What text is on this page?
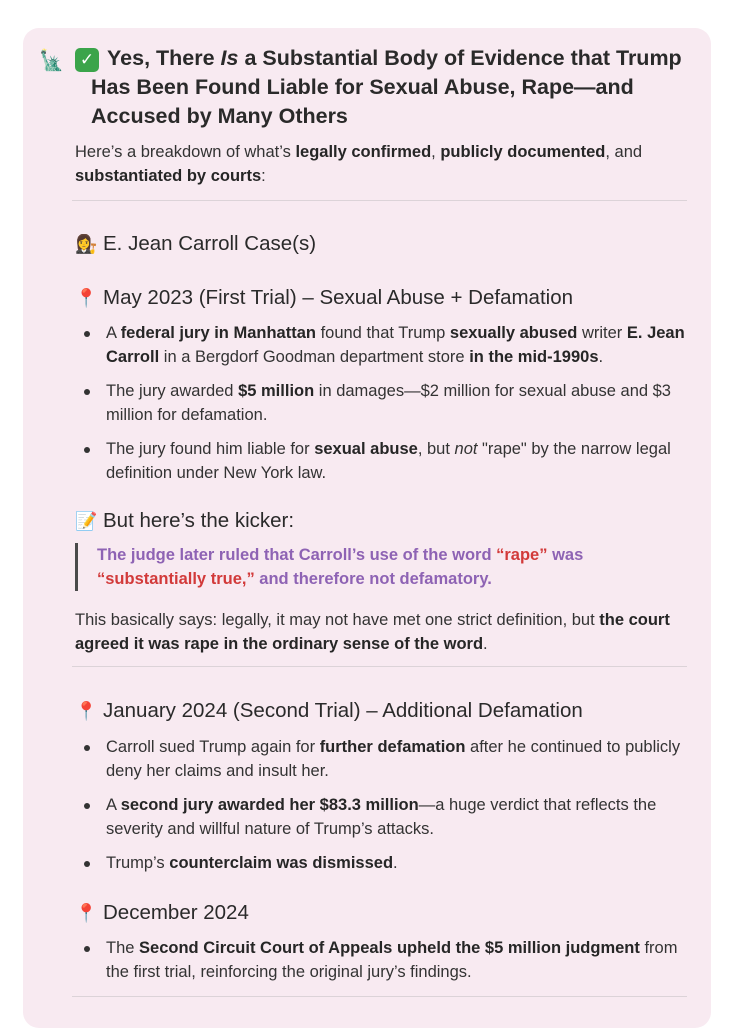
🗽 ✓ Yes, There Is a Substantial Body of Evidence that Trump Has Been Found Liable for Sexual Abuse, Rape—and Accused by Many Others
Here’s a breakdown of what’s legally confirmed, publicly documented, and substantiated by courts:
👩‍⚖️ E. Jean Carroll Case(s)
📍 May 2023 (First Trial) – Sexual Abuse + Defamation
A federal jury in Manhattan found that Trump sexually abused writer E. Jean Carroll in a Bergdorf Goodman department store in the mid-1990s.
The jury awarded $5 million in damages—$2 million for sexual abuse and $3 million for defamation.
The jury found him liable for sexual abuse, but not "rape" by the narrow legal definition under New York law.
📝 But here’s the kicker:
The judge later ruled that Carroll’s use of the word “rape” was “substantially true,” and therefore not defamatory.
This basically says: legally, it may not have met one strict definition, but the court agreed it was rape in the ordinary sense of the word.
📍 January 2024 (Second Trial) – Additional Defamation
Carroll sued Trump again for further defamation after he continued to publicly deny her claims and insult her.
A second jury awarded her $83.3 million—a huge verdict that reflects the severity and willful nature of Trump’s attacks.
Trump’s counterclaim was dismissed.
📍 December 2024
The Second Circuit Court of Appeals upheld the $5 million judgment from the first trial, reinforcing the original jury’s findings.
